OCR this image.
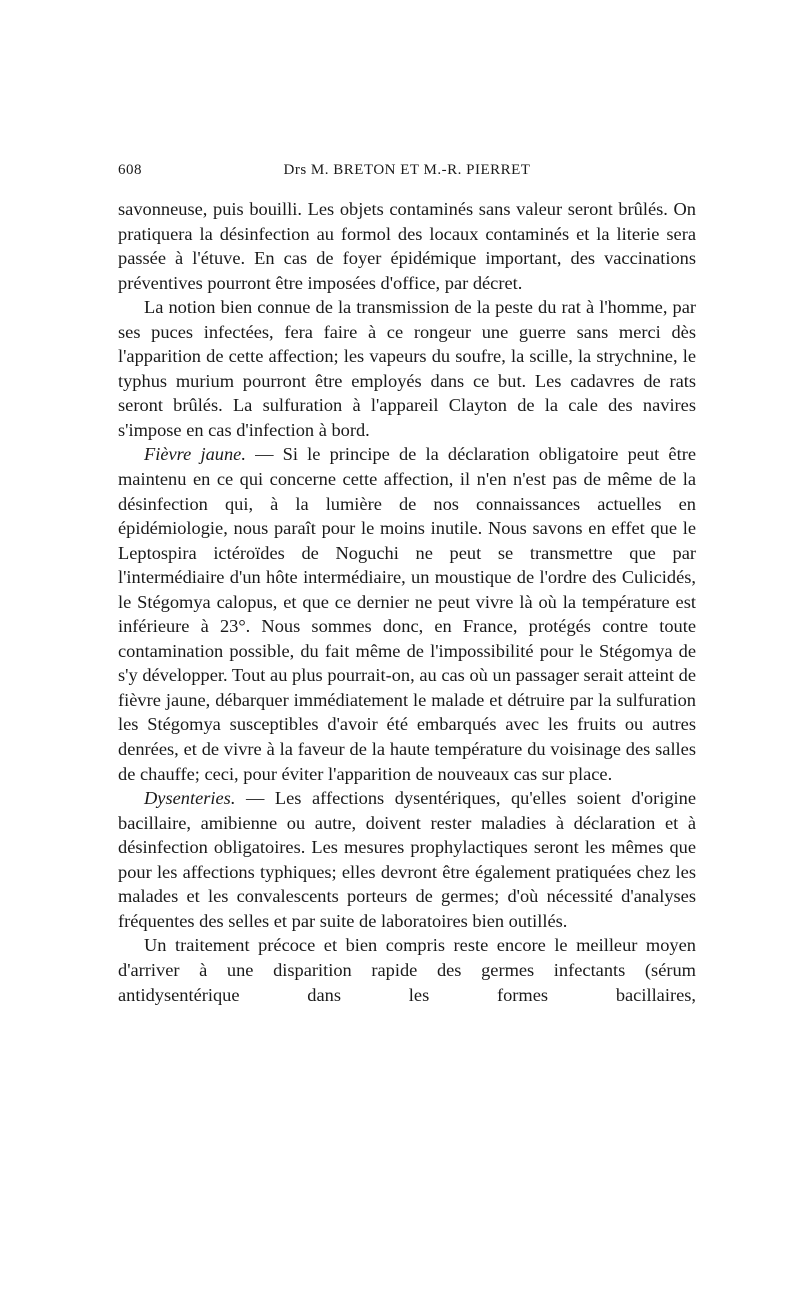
608	Drs M. BRETON ET M.-R. PIERRET

savonneuse, puis bouilli. Les objets contaminés sans valeur seront brûlés. On pratiquera la désinfection au formol des locaux contaminés et la literie sera passée à l'étuve. En cas de foyer épidémique important, des vaccinations préventives pourront être imposées d'office, par décret.

La notion bien connue de la transmission de la peste du rat à l'homme, par ses puces infectées, fera faire à ce rongeur une guerre sans merci dès l'apparition de cette affection; les vapeurs du soufre, la scille, la strychnine, le typhus murium pourront être employés dans ce but. Les cadavres de rats seront brûlés. La sulfuration à l'appareil Clayton de la cale des navires s'impose en cas d'infection à bord.

Fièvre jaune. — Si le principe de la déclaration obligatoire peut être maintenu en ce qui concerne cette affection, il n'en n'est pas de même de la désinfection qui, à la lumière de nos connaissances actuelles en épidémiologie, nous paraît pour le moins inutile. Nous savons en effet que le Leptospira ictéroïdes de Noguchi ne peut se transmettre que par l'intermédiaire d'un hôte intermédiaire, un moustique de l'ordre des Culicidés, le Stégomya calopus, et que ce dernier ne peut vivre là où la température est inférieure à 23°. Nous sommes donc, en France, protégés contre toute contamination possible, du fait même de l'impossibilité pour le Stégomya de s'y développer. Tout au plus pourrait-on, au cas où un passager serait atteint de fièvre jaune, débarquer immédiatement le malade et détruire par la sulfuration les Stégomya susceptibles d'avoir été embarqués avec les fruits ou autres denrées, et de vivre à la faveur de la haute température du voisinage des salles de chauffe; ceci, pour éviter l'apparition de nouveaux cas sur place.

Dysenteries. — Les affections dysentériques, qu'elles soient d'origine bacillaire, amibienne ou autre, doivent rester maladies à déclaration et à désinfection obligatoires. Les mesures prophylactiques seront les mêmes que pour les affections typhiques; elles devront être également pratiquées chez les malades et les convalescents porteurs de germes; d'où nécessité d'analyses fréquentes des selles et par suite de laboratoires bien outillés.

Un traitement précoce et bien compris reste encore le meilleur moyen d'arriver à une disparition rapide des germes infectants (sérum antidysentérique dans les formes bacillaires,
